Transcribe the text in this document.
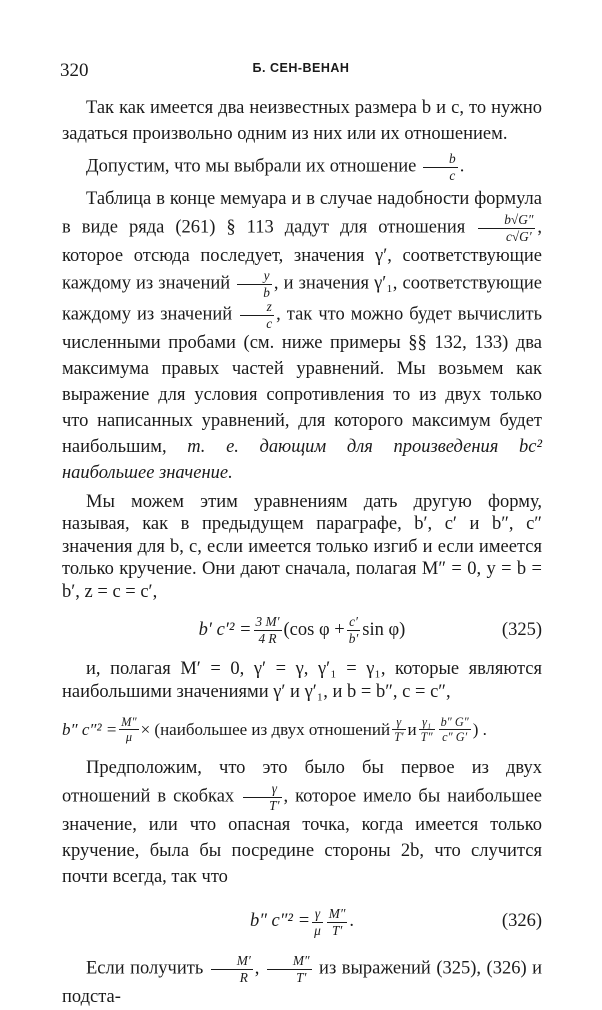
320	Б. СЕН-ВЕНАН

Так как имеется два неизвестных размера b и c, то нужно задаться произвольно одним из них или их отношением.

Допустим, что мы выбрали их отношение $\frac{b}{c}$ .

Таблица в конце мемуара и в случае надобности формула в виде ряда (261) § 113 дадут для отношения $\frac{b√G''}{c√G'}$ , которое отсюда последует, значения γ′, соответствующие каждому из значений $\frac{y}{b}$ , и значения γ′₁, соответствующие каждому из значений $\frac{z}{c}$ , так что можно будет вычислить численными пробами (см. ниже примеры §§ 132, 133) два максимума правых частей уравнений. Мы возьмем как выражение для условия сопротивления то из двух только что написанных уравнений, для которого максимум будет наибольшим, т. е. дающим для произведения bc² наибольшее значение.

Мы можем этим уравнениям дать другую форму, называя, как в предыдущем параграфе, b′, c′ и b″, c″ значения для b, c, если имеется только изгиб и если имеется только кручение. Они дают сначала, полагая M″ = 0, y = b = b′, z = c = c′,

b′ $c'^2 = \frac{3 M'}{4 R} (\cos$ $\varphi + \frac{c'}{b'}$ sin φ)	(325)

и, полагая M′ = 0, γ′ = γ, γ′₁ = γ₁, которые являются наибольшими значениями γ′ и γ′₁, и b = b″, c = c″,

b″ $c''^2 = \frac{M''}{\mu}$ × (наибольшее из двух отношений $\frac{\gamma}{T'}$ и $\frac{\text{γ₁}}{T''} \frac{b'' G''}{c'' G'}$ ) .

Предположим, что это было бы первое из двух отношений в скобках $\frac{\gamma}{T'}$ , которое имело бы наибольшее значение, или что опасная точка, когда имеется только кручение, была бы посредине стороны 2b, что случится почти всегда, так что

b″ $c''^2 = \frac{\gamma}{\mu} \frac{M''}{T'}$ .	(326)

Если получить $\frac{M'}{R}$ , $\frac{M''}{T'}$ из выражений (325), (326) и подста-
